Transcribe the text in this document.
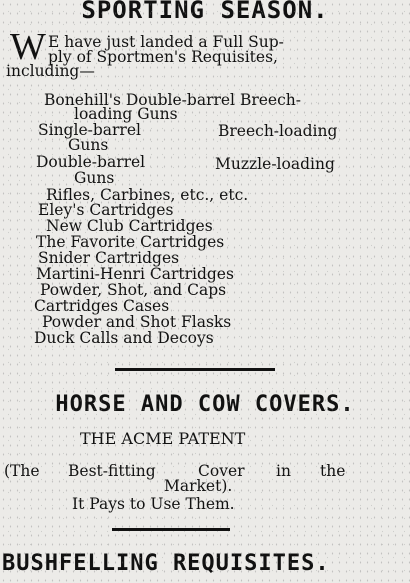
SPORTING SEASON.
W E have just landed a Full Sup-
ply of Sportmen's Requisites,
including—
Bonehill's Double-barrel Breech-
loading Guns
Single-barrel	Breech-loading
Guns
Double-barrel	Muzzle-loading
Guns
Rifles, Carbines, etc., etc.
Eley's Cartridges
New Club Cartridges
The Favorite Cartridges
Snider Cartridges
Martini-Henri Cartridges
Powder, Shot, and Caps
Cartridges Cases
Powder and Shot Flasks
Duck Calls and Decoys
HORSE AND COW COVERS.
THE ACME PATENT
(The Best-fitting	Cover in the
Market).
It Pays to Use Them.
BUSHFELLING REQUISITES.
